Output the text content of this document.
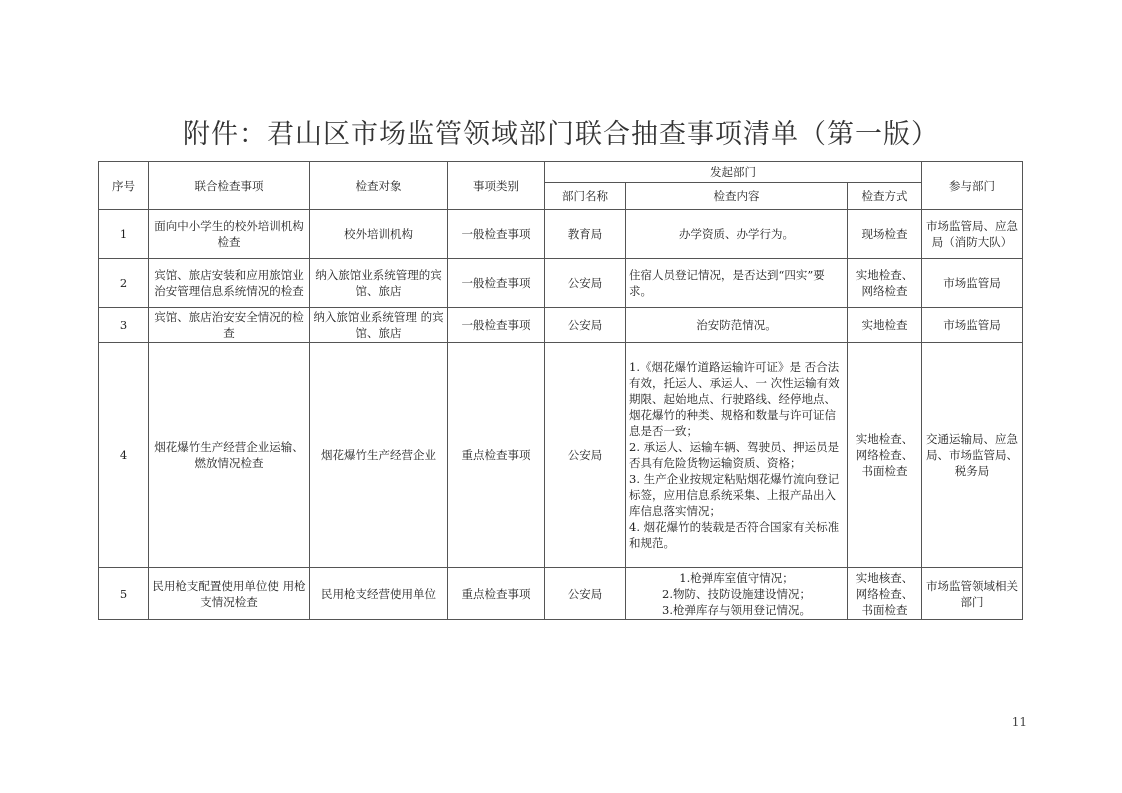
附件：君山区市场监管领域部门联合抽查事项清单（第一版）
序号	联合检查事项	检查对象	事项类别	发起部门			参与部门
				部门名称	检查内容	检查方式	
1	面向中小学生的校外培训机构检查	校外培训机构	一般检查事项	教育局	办学资质、办学行为。	现场检查	市场监管局、应急局（消防大队）
2	宾馆、旅店安装和应用旅馆业治安管理信息系统情况的检查	纳入旅馆业系统管理的宾馆、旅店	一般检查事项	公安局	住宿人员登记情况，是否达到“四实”要求。	实地检查、网络检查	市场监管局
3	宾馆、旅店治安安全情况的检查	纳入旅馆业系统管理 的宾馆、旅店	一般检查事项	公安局	治安防范情况。	实地检查	市场监管局
4	烟花爆竹生产经营企业运输、燃放情况检查	烟花爆竹生产经营企业	重点检查事项	公安局	1.《烟花爆竹道路运输许可证》是 否合法有效，托运人、承运人、一 次性运输有效期限、起始地点、行驶路线、经停地点、烟花爆竹的种类、规格和数量与许可证信息是否一致；
2. 承运人、运输车辆、驾驶员、押运员是否具有危险货物运输资质、资格；
3. 生产企业按规定粘贴烟花爆竹流向登记标签，应用信息系统采集、上报产品出入库信息落实情况；
4. 烟花爆竹的装载是否符合国家有关标准和规范。	实地检查、网络检查、书面检查	交通运输局、应急局、市场监管局、税务局
5	民用枪支配置使用单位使 用枪支情况检查	民用枪支经营使用单位	重点检查事项	公安局	1.枪弹库室值守情况；
2.物防、技防设施建设情况；
3.枪弹库存与领用登记情况。	实地核查、网络检查、书面检查	市场监管领域相关部门
11
